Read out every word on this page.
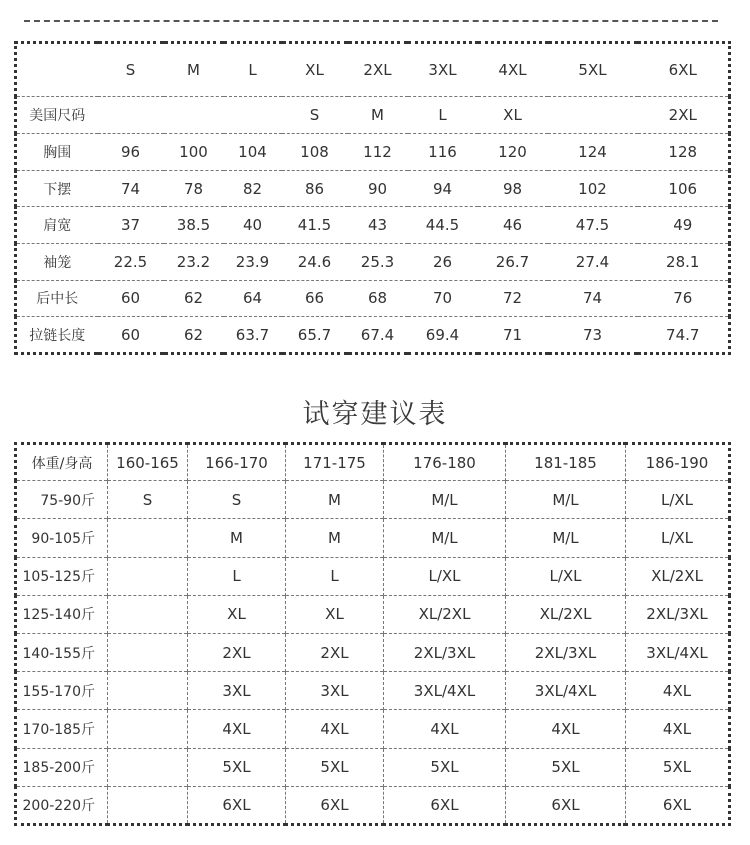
	S	M	L	XL	2XL	3XL	4XL	5XL	6XL
美国尺码				S	M	L	XL		2XL
胸围	96	100	104	108	112	116	120	124	128
下摆	74	78	82	86	90	94	98	102	106
肩宽	37	38.5	40	41.5	43	44.5	46	47.5	49
袖笼	22.5	23.2	23.9	24.6	25.3	26	26.7	27.4	28.1
后中长	60	62	64	66	68	70	72	74	76
拉链长度	60	62	63.7	65.7	67.4	69.4	71	73	74.7
试穿建议表
体重/身高	160-165	166-170	171-175	176-180	181-185	186-190
75-90斤	S	S	M	M/L	M/L	L/XL
90-105斤		M	M	M/L	M/L	L/XL
105-125斤		L	L	L/XL	L/XL	XL/2XL
125-140斤		XL	XL	XL/2XL	XL/2XL	2XL/3XL
140-155斤		2XL	2XL	2XL/3XL	2XL/3XL	3XL/4XL
155-170斤		3XL	3XL	3XL/4XL	3XL/4XL	4XL
170-185斤		4XL	4XL	4XL	4XL	4XL
185-200斤		5XL	5XL	5XL	5XL	5XL
200-220斤		6XL	6XL	6XL	6XL	6XL
